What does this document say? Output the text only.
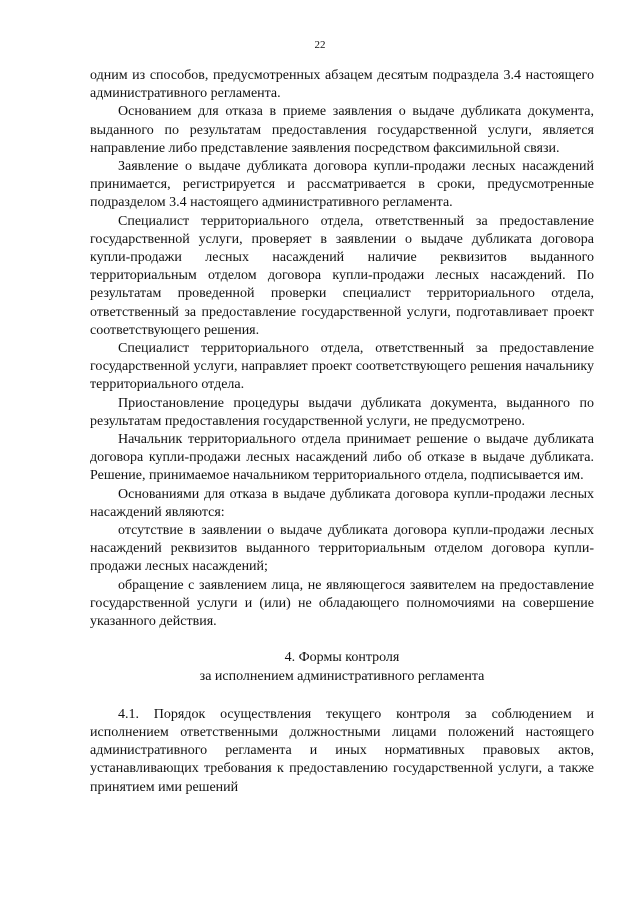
22

одним из способов, предусмотренных абзацем десятым подраздела 3.4 настоящего административного регламента.

Основанием для отказа в приеме заявления о выдаче дубликата документа, выданного по результатам предоставления государственной услуги, является направление либо представление заявления посредством факсимильной связи.

Заявление о выдаче дубликата договора купли-продажи лесных насаждений принимается, регистрируется и рассматривается в сроки, предусмотренные подразделом 3.4 настоящего административного регламента.

Специалист территориального отдела, ответственный за предоставление государственной услуги, проверяет в заявлении о выдаче дубликата договора купли-продажи лесных насаждений наличие реквизитов выданного территориальным отделом договора купли-продажи лесных насаждений. По результатам проведенной проверки специалист территориального отдела, ответственный за предоставление государственной услуги, подготавливает проект соответствующего решения.

Специалист территориального отдела, ответственный за предоставление государственной услуги, направляет проект соответствующего решения начальнику территориального отдела.

Приостановление процедуры выдачи дубликата документа, выданного по результатам предоставления государственной услуги, не предусмотрено.

Начальник территориального отдела принимает решение о выдаче дубликата договора купли-продажи лесных насаждений либо об отказе в выдаче дубликата. Решение, принимаемое начальником территориального отдела, подписывается им.

Основаниями для отказа в выдаче дубликата договора купли-продажи лесных насаждений являются:

отсутствие в заявлении о выдаче дубликата договора купли-продажи лесных насаждений реквизитов выданного территориальным отделом договора купли-продажи лесных насаждений;

обращение с заявлением лица, не являющегося заявителем на предоставление государственной услуги и (или) не обладающего полномочиями на совершение указанного действия.

4. Формы контроля
за исполнением административного регламента

4.1. Порядок осуществления текущего контроля за соблюдением и исполнением ответственными должностными лицами положений настоящего административного регламента и иных нормативных правовых актов, устанавливающих требования к предоставлению государственной услуги, а также принятием ими решений
